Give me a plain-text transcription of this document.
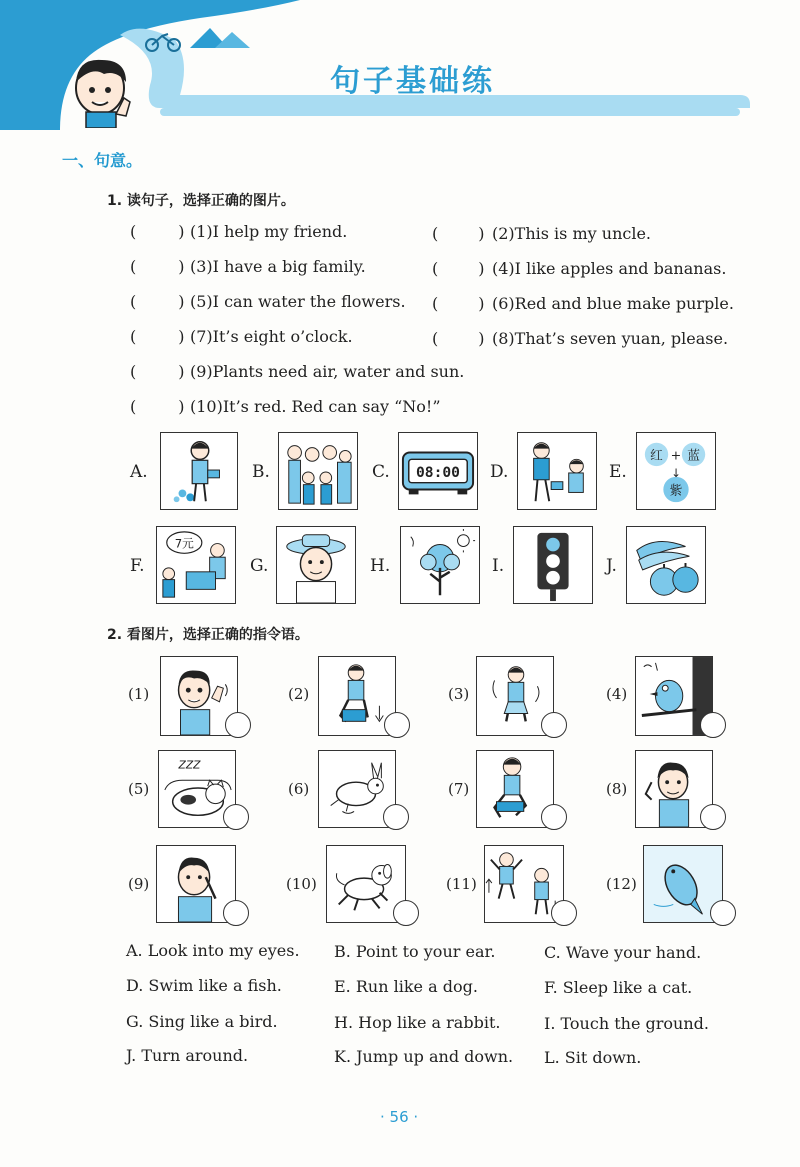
句子基础练
一、句意。
1. 读句子，选择正确的图片。
(	) (1)I help my friend.	(	) (2)This is my uncle.
(	) (3)I have a big family.	(	) (4)I like apples and bananas.
(	) (5)I can water the flowers. (	) (6)Red and blue make purple.
(	) (7)It’s eight o’clock.	(	) (8)That’s seven yuan, please.
(	) (9)Plants need air, water and sun.
(	) (10)It’s red. Red can say “No!”
A.	B.	C. 08:00 D.	E.
红 蓝
紫
+
↓
F.
7元
G.	H.	I.	J.
2. 看图片，选择正确的指令语。
(1)	(2)	(3)	(4)
(5)
ZZZ
(6)	(7)	(8)
(9)	(10)	(11)	(12)
A. Look into my eyes. B. Point to your ear.	C. Wave your hand.
D. Swim like a fish.	E. Run like a dog.	F. Sleep like a cat.
G. Sing like a bird.	H. Hop like a rabbit.	I. Touch the ground.
J. Turn around.	K. Jump up and down. L. Sit down.
· 56 ·
